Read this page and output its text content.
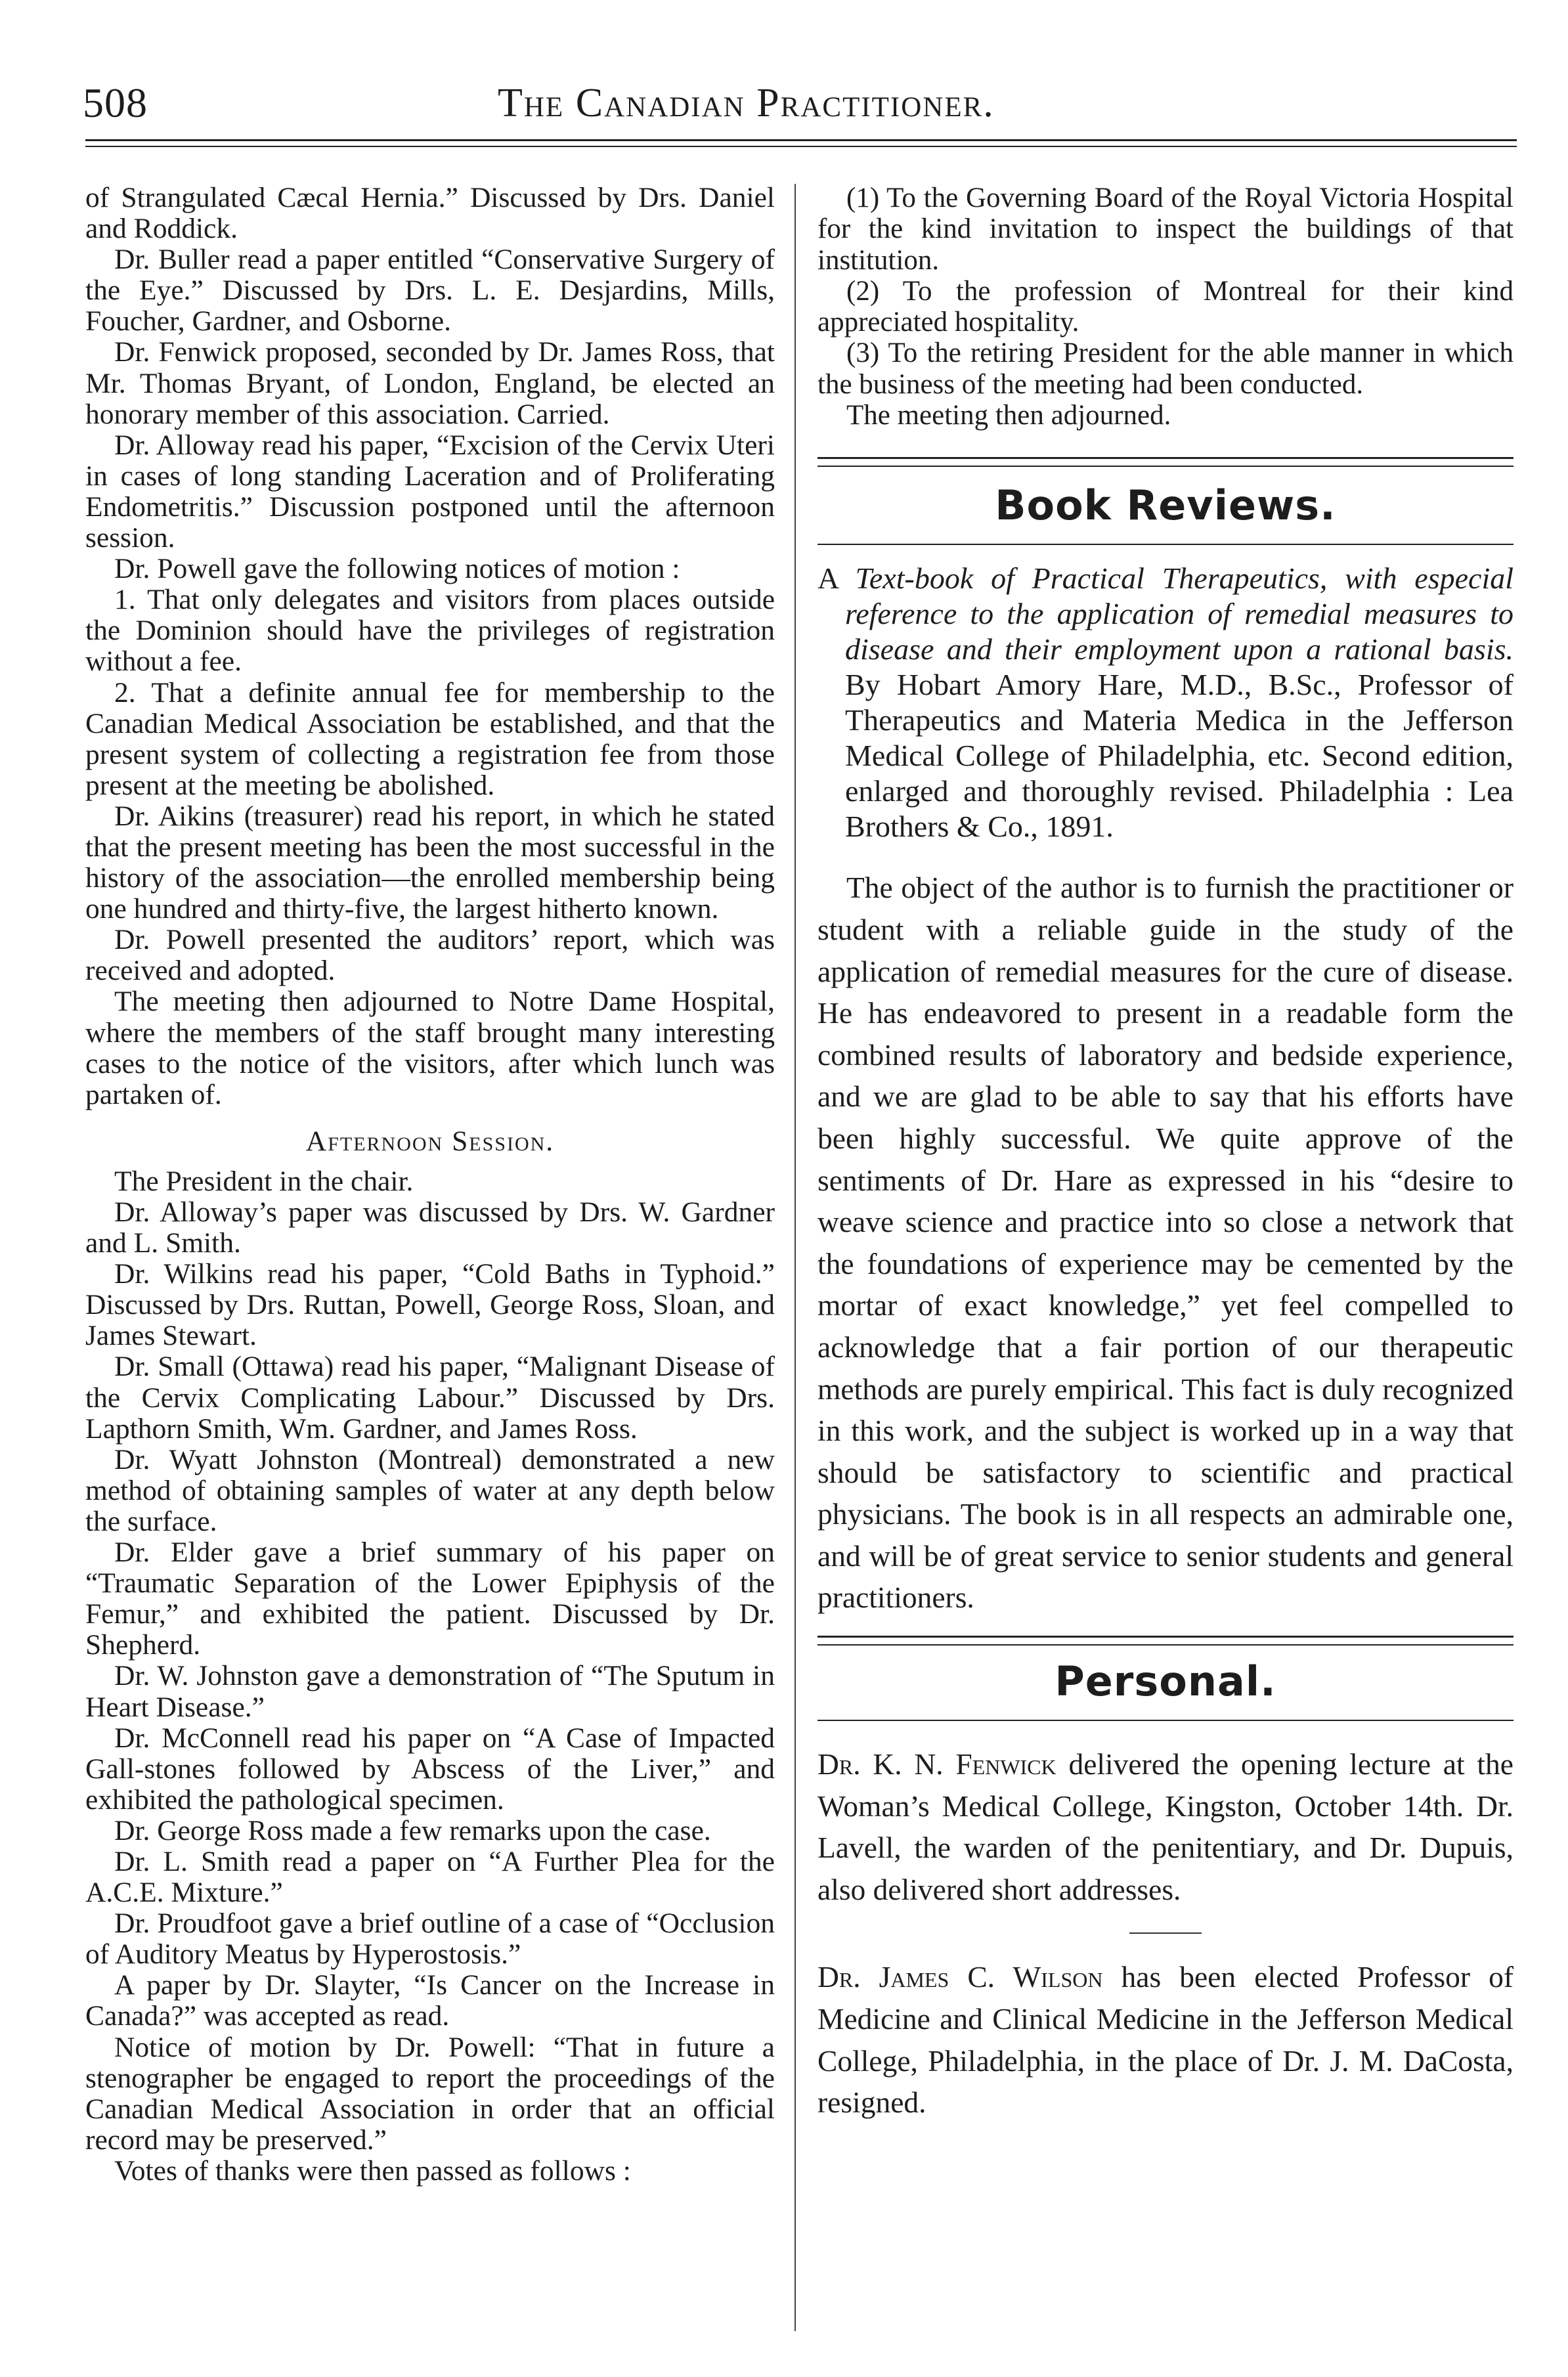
508	The Canadian Practitioner.

of Strangulated Cæcal Hernia.” Discussed by Drs. Daniel and Roddick.

Dr. Buller read a paper entitled “Conservative Surgery of the Eye.” Discussed by Drs. L. E. Desjardins, Mills, Foucher, Gardner, and Osborne.

Dr. Fenwick proposed, seconded by Dr. James Ross, that Mr. Thomas Bryant, of London, England, be elected an honorary member of this association. Carried.

Dr. Alloway read his paper, “Excision of the Cervix Uteri in cases of long standing Laceration and of Proliferating Endometritis.” Discussion postponed until the afternoon session.

Dr. Powell gave the following notices of motion :

1. That only delegates and visitors from places outside the Dominion should have the privileges of registration without a fee.

2. That a definite annual fee for membership to the Canadian Medical Association be established, and that the present system of collecting a registration fee from those present at the meeting be abolished.

Dr. Aikins (treasurer) read his report, in which he stated that the present meeting has been the most successful in the history of the association—the enrolled membership being one hundred and thirty-five, the largest hitherto known.

Dr. Powell presented the auditors’ report, which was received and adopted.

The meeting then adjourned to Notre Dame Hospital, where the members of the staff brought many interesting cases to the notice of the visitors, after which lunch was partaken of.

Afternoon Session.

The President in the chair.

Dr. Alloway’s paper was discussed by Drs. W. Gardner and L. Smith.

Dr. Wilkins read his paper, “Cold Baths in Typhoid.” Discussed by Drs. Ruttan, Powell, George Ross, Sloan, and James Stewart.

Dr. Small (Ottawa) read his paper, “Malignant Disease of the Cervix Complicating Labour.” Discussed by Drs. Lapthorn Smith, Wm. Gardner, and James Ross.

Dr. Wyatt Johnston (Montreal) demonstrated a new method of obtaining samples of water at any depth below the surface.

Dr. Elder gave a brief summary of his paper on “Traumatic Separation of the Lower Epiphysis of the Femur,” and exhibited the patient. Discussed by Dr. Shepherd.

Dr. W. Johnston gave a demonstration of “The Sputum in Heart Disease.”

Dr. McConnell read his paper on “A Case of Impacted Gall-stones followed by Abscess of the Liver,” and exhibited the pathological specimen.

Dr. George Ross made a few remarks upon the case.

Dr. L. Smith read a paper on “A Further Plea for the A.C.E. Mixture.”

Dr. Proudfoot gave a brief outline of a case of “Occlusion of Auditory Meatus by Hyperostosis.”

A paper by Dr. Slayter, “Is Cancer on the Increase in Canada?” was accepted as read.

Notice of motion by Dr. Powell: “That in future a stenographer be engaged to report the proceedings of the Canadian Medical Association in order that an official record may be preserved.”

Votes of thanks were then passed as follows :

(1) To the Governing Board of the Royal Victoria Hospital for the kind invitation to inspect the buildings of that institution.

(2) To the profession of Montreal for their kind appreciated hospitality.

(3) To the retiring President for the able manner in which the business of the meeting had been conducted.

The meeting then adjourned.

Book Reviews.

A Text-book of Practical Therapeutics, with especial reference to the application of remedial measures to disease and their employment upon a rational basis. By Hobart Amory Hare, M.D., B.Sc., Professor of Therapeutics and Materia Medica in the Jefferson Medical College of Philadelphia, etc. Second edition, enlarged and thoroughly revised. Philadelphia : Lea Brothers & Co., 1891.

The object of the author is to furnish the practitioner or student with a reliable guide in the study of the application of remedial measures for the cure of disease. He has endeavored to present in a readable form the combined results of laboratory and bedside experience, and we are glad to be able to say that his efforts have been highly successful. We quite approve of the sentiments of Dr. Hare as expressed in his “desire to weave science and practice into so close a network that the foundations of experience may be cemented by the mortar of exact knowledge,” yet feel compelled to acknowledge that a fair portion of our therapeutic methods are purely empirical. This fact is duly recognized in this work, and the subject is worked up in a way that should be satisfactory to scientific and practical physicians. The book is in all respects an admirable one, and will be of great service to senior students and general practitioners.

Personal.

Dr. K. N. Fenwick delivered the opening lecture at the Woman’s Medical College, Kingston, October 14th. Dr. Lavell, the warden of the penitentiary, and Dr. Dupuis, also delivered short addresses.

Dr. James C. Wilson has been elected Professor of Medicine and Clinical Medicine in the Jefferson Medical College, Philadelphia, in the place of Dr. J. M. DaCosta, resigned.
